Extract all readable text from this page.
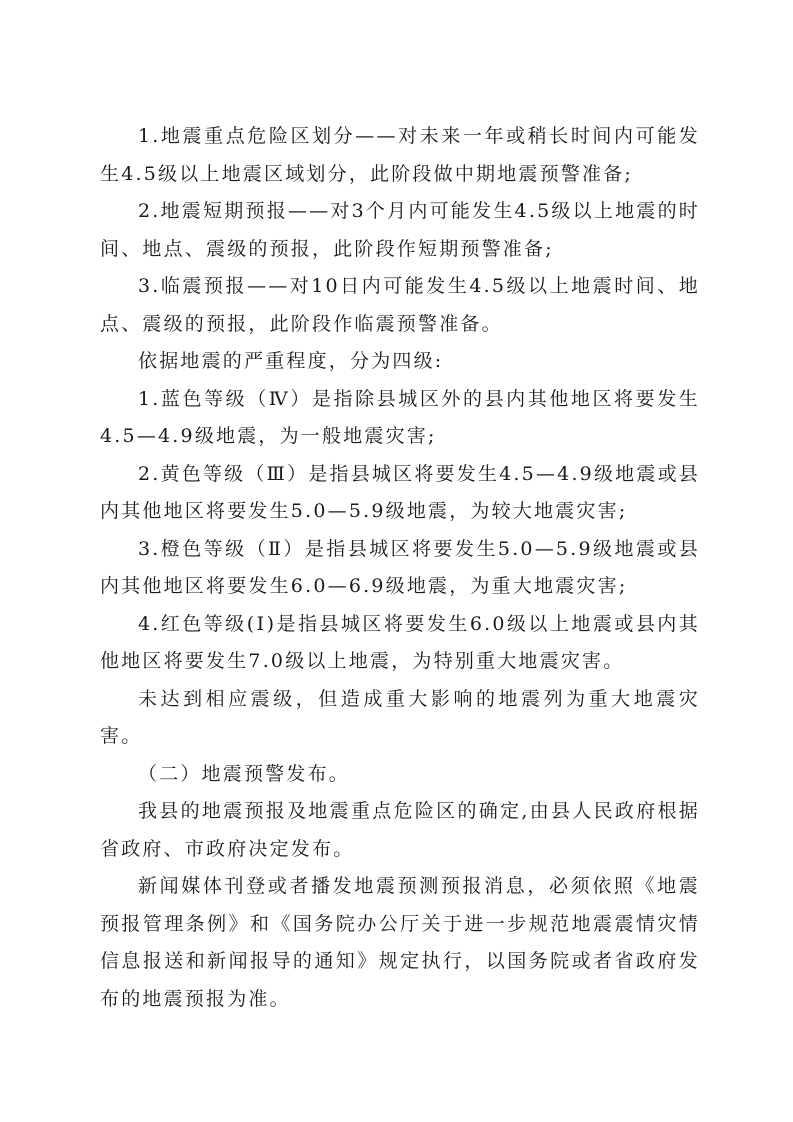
1.地震重点危险区划分——对未来一年或稍长时间内可能发生4.5级以上地震区域划分，此阶段做中期地震预警准备;

2.地震短期预报——对3个月内可能发生4.5级以上地震的时间、地点、震级的预报，此阶段作短期预警准备;

3.临震预报——对10日内可能发生4.5级以上地震时间、地点、震级的预报，此阶段作临震预警准备。

依据地震的严重程度，分为四级:

1.蓝色等级（Ⅳ）是指除县城区外的县内其他地区将要发生4.5—4.9级地震，为一般地震灾害;

2.黄色等级（Ⅲ）是指县城区将要发生4.5—4.9级地震或县内其他地区将要发生5.0—5.9级地震，为较大地震灾害;

3.橙色等级（Ⅱ）是指县城区将要发生5.0—5.9级地震或县内其他地区将要发生6.0—6.9级地震，为重大地震灾害;

4.红色等级(Ⅰ)是指县城区将要发生6.0级以上地震或县内其他地区将要发生7.0级以上地震，为特别重大地震灾害。

未达到相应震级，但造成重大影响的地震列为重大地震灾害。

（二）地震预警发布。

我县的地震预报及地震重点危险区的确定,由县人民政府根据省政府、市政府决定发布。

新闻媒体刊登或者播发地震预测预报消息，必须依照《地震预报管理条例》和《国务院办公厅关于进一步规范地震震情灾情信息报送和新闻报导的通知》规定执行，以国务院或者省政府发布的地震预报为准。
